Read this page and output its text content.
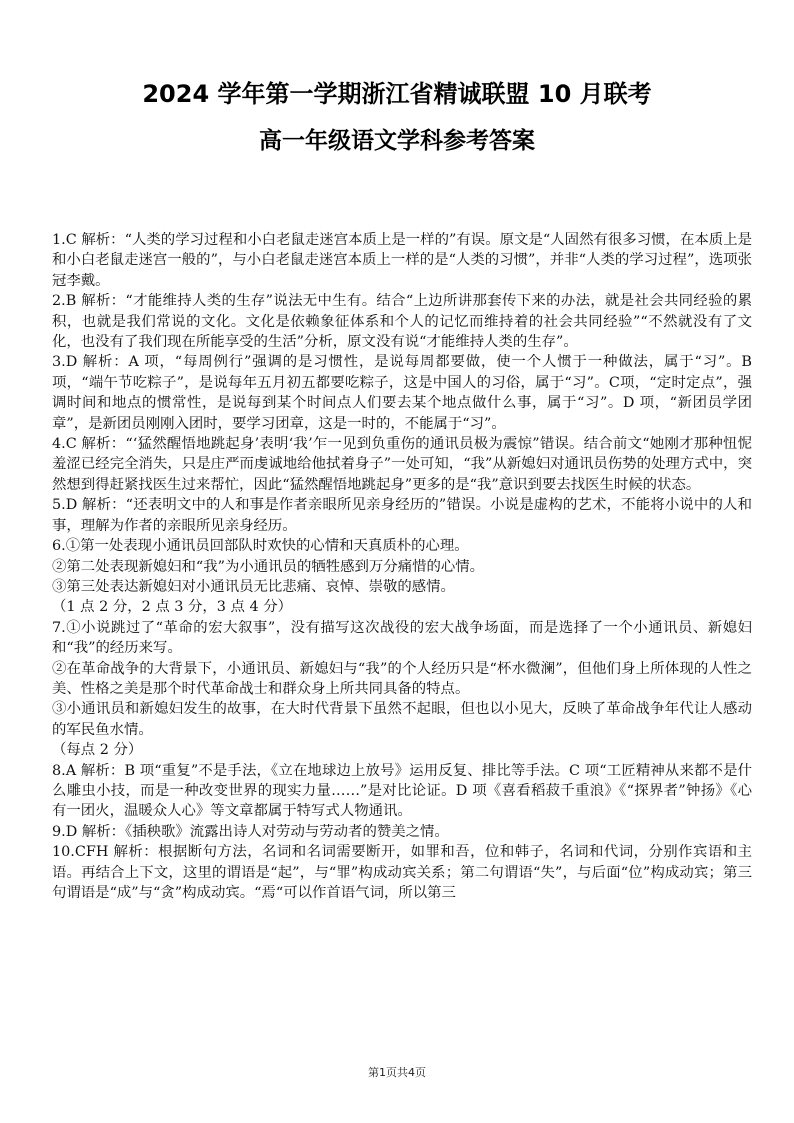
2024 学年第一学期浙江省精诚联盟 10 月联考
高一年级语文学科参考答案

1.C 解析：“人类的学习过程和小白老鼠走迷宫本质上是一样的”有误。原文是“人固然有很多习惯，在本质上是和小白老鼠走迷宫一般的”，与小白老鼠走迷宫本质上一样的是“人类的习惯”，并非“人类的学习过程”，选项张冠李戴。

2.B 解析：“才能维持人类的生存”说法无中生有。结合“上边所讲那套传下来的办法，就是社会共同经验的累积，也就是我们常说的文化。文化是依赖象征体系和个人的记忆而维持着的社会共同经验”“不然就没有了文化，也没有了我们现在所能享受的生活”分析，原文没有说“才能维持人类的生存”。

3.D 解析：A 项，“每周例行”强调的是习惯性，是说每周都要做，使一个人惯于一种做法，属于“习”。B项，“端午节吃粽子”，是说每年五月初五都要吃粽子，这是中国人的习俗，属于“习”。C项，“定时定点”，强调时间和地点的惯常性，是说每到某个时间点人们要去某个地点做什么事，属于“习”。D 项，“新团员学团章”，是新团员刚刚入团时，要学习团章，这是一时的，不能属于“习”。

4.C 解析：“‘猛然醒悟地跳起身’表明‘我’乍一见到负重伤的通讯员极为震惊”错误。结合前文“她刚才那种忸怩羞涩已经完全消失，只是庄严而虔诚地给他拭着身子”一处可知，“我”从新媳妇对通讯员伤势的处理方式中，突然想到得赶紧找医生过来帮忙，因此“猛然醒悟地跳起身”更多的是“我”意识到要去找医生时候的状态。

5.D 解析：“还表明文中的人和事是作者亲眼所见亲身经历的”错误。小说是虚构的艺术，不能将小说中的人和事，理解为作者的亲眼所见亲身经历。

6.①第一处表现小通讯员回部队时欢快的心情和天真质朴的心理。

②第二处表现新媳妇和“我”为小通讯员的牺牲感到万分痛惜的心情。

③第三处表达新媳妇对小通讯员无比悲痛、哀悼、崇敬的感情。

（1 点 2 分，2 点 3 分，3 点 4 分）

7.①小说跳过了“革命的宏大叙事”，没有描写这次战役的宏大战争场面，而是选择了一个小通讯员、新媳妇和“我”的经历来写。

②在革命战争的大背景下，小通讯员、新媳妇与“我”的个人经历只是“杯水微澜”，但他们身上所体现的人性之美、性格之美是那个时代革命战士和群众身上所共同具备的特点。

③小通讯员和新媳妇发生的故事，在大时代背景下虽然不起眼，但也以小见大，反映了革命战争年代让人感动的军民鱼水情。

（每点 2 分）

8.A 解析：B 项“重复”不是手法，《立在地球边上放号》运用反复、排比等手法。C 项“工匠精神从来都不是什么雕虫小技，而是一种改变世界的现实力量……”是对比论证。D 项《喜看稻菽千重浪》《“探界者”钟扬》《心有一团火，温暖众人心》等文章都属于特写式人物通讯。

9.D 解析：《插秧歌》流露出诗人对劳动与劳动者的赞美之情。

10.CFH 解析：根据断句方法，名词和名词需要断开，如罪和吾，位和韩子，名词和代词，分别作宾语和主语。再结合上下文，这里的谓语是“起”，与“罪”构成动宾关系；第二句谓语“失”，与后面“位”构成动宾；第三句谓语是“成”与“贪”构成动宾。“焉“可以作首语气词，所以第三

第1页共4页
